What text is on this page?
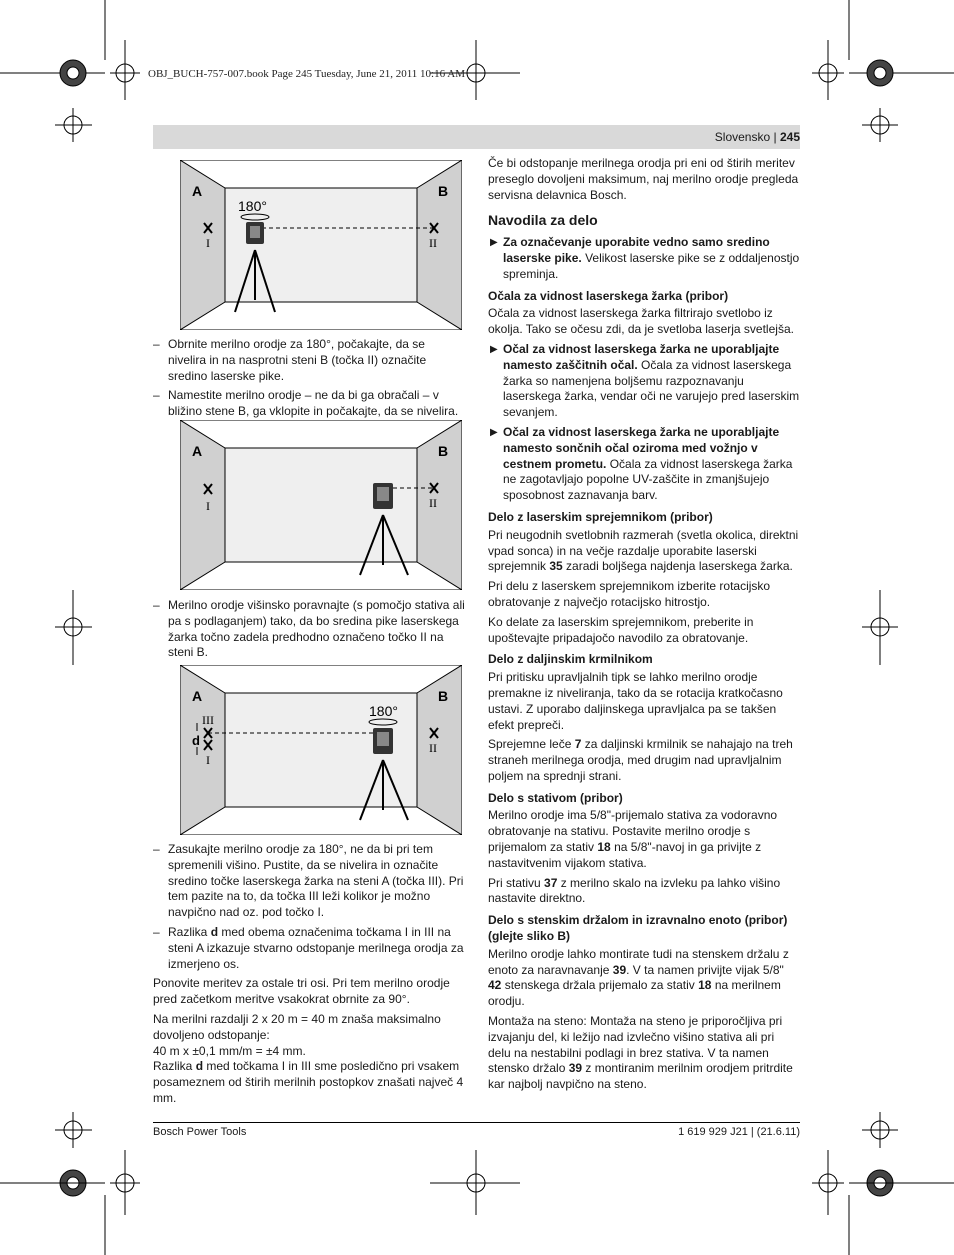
OBJ_BUCH-757-007.book Page 245 Tuesday, June 21, 2011 10:16 AM
Slovensko | 245
A	B
180°
I	II
A	B
I	II
A	B
180°
III
d
I
II

– Obrnite merilno orodje za 180°, počakajte, da se nivelira in na nasprotni steni B (točka II) označite sredino laserske pike.

– Namestite merilno orodje – ne da bi ga obračali – v bližino stene B, ga vklopite in počakajte, da se nivelira.

– Merilno orodje višinsko poravnajte (s pomočjo stativa ali pa s podlaganjem) tako, da bo sredina pike laserskega žarka točno zadela predhodno označeno točko II na steni B.

– Zasukajte merilno orodje za 180°, ne da bi pri tem spremenili višino. Pustite, da se nivelira in označite sredino točke laserskega žarka na steni A (točka III). Pri tem pazite na to, da točka III leži kolikor je možno navpično nad oz. pod točko I.

– Razlika d med obema označenima točkama I in III na steni A izkazuje stvarno odstopanje merilnega orodja za izmerjeno os.

Ponovite meritev za ostale tri osi. Pri tem merilno orodje pred začetkom meritve vsakokrat obrnite za 90°.

Na merilni razdalji 2 x 20 m = 40 m znaša maksimalno dovoljeno odstopanje:

40 m x ±0,1 mm/m = ±4 mm.

Razlika d med točkama I in III sme posledično pri vsakem posameznem od štirih merilnih postopkov znašati največ 4 mm.

Če bi odstopanje merilnega orodja pri eni od štirih meritev preseglo dovoljeni maksimum, naj merilno orodje pregleda servisna delavnica Bosch.

Navodila za delo

▶ Za označevanje uporabite vedno samo sredino laserske pike. Velikost laserske pike se z oddaljenostjo spreminja.

Očala za vidnost laserskega žarka (pribor)

Očala za vidnost laserskega žarka filtrirajo svetlobo iz okolja. Tako se očesu zdi, da je svetloba laserja svetlejša.

▶ Očal za vidnost laserskega žarka ne uporabljajte namesto zaščitnih očal. Očala za vidnost laserskega žarka so namenjena boljšemu razpoznavanju laserskega žarka, vendar oči ne varujejo pred laserskim sevanjem.

▶ Očal za vidnost laserskega žarka ne uporabljajte namesto sončnih očal oziroma med vožnjo v cestnem prometu. Očala za vidnost laserskega žarka ne zagotavljajo popolne UV-zaščite in zmanjšujejo sposobnost zaznavanja barv.

Delo z laserskim sprejemnikom (pribor)

Pri neugodnih svetlobnih razmerah (svetla okolica, direktni vpad sonca) in na večje razdalje uporabite laserski sprejemnik 35 zaradi boljšega najdenja laserskega žarka.

Pri delu z laserskem sprejemnikom izberite rotacijsko obratovanje z največjo rotacijsko hitrostjo.

Ko delate za laserskim sprejemnikom, preberite in upoštevajte pripadajočo navodilo za obratovanje.

Delo z daljinskim krmilnikom

Pri pritisku upravljalnih tipk se lahko merilno orodje premakne iz niveliranja, tako da se rotacija kratkočasno ustavi. Z uporabo daljinskega upravljalca pa se takšen efekt prepreči.

Sprejemne leče 7 za daljinski krmilnik se nahajajo na treh straneh merilnega orodja, med drugim nad upravljalnim poljem na sprednji strani.

Delo s stativom (pribor)

Merilno orodje ima 5/8"-prijemalo stativa za vodoravno obratovanje na stativu. Postavite merilno orodje s prijemalom za stativ 18 na 5/8"-navoj in ga privijte z nastavitvenim vijakom stativa.

Pri stativu 37 z merilno skalo na izvleku pa lahko višino nastavite direktno.

Delo s stenskim držalom in izravnalno enoto (pribor) (glejte sliko B)

Merilno orodje lahko montirate tudi na stenskem držalu z enoto za naravnavanje 39. V ta namen privijte vijak 5/8" 42 stenskega držala prijemalo za stativ 18 na merilnem orodju.

Montaža na steno: Montaža na steno je priporočljiva pri izvajanju del, ki ležijo nad izvlečno višino stativa ali pri delu na nestabilni podlagi in brez stativa. V ta namen stensko držalo 39 z montiranim merilnim orodjem pritrdite kar najbolj navpično na steno.

Bosch Power Tools	1 619 929 J21 | (21.6.11)
